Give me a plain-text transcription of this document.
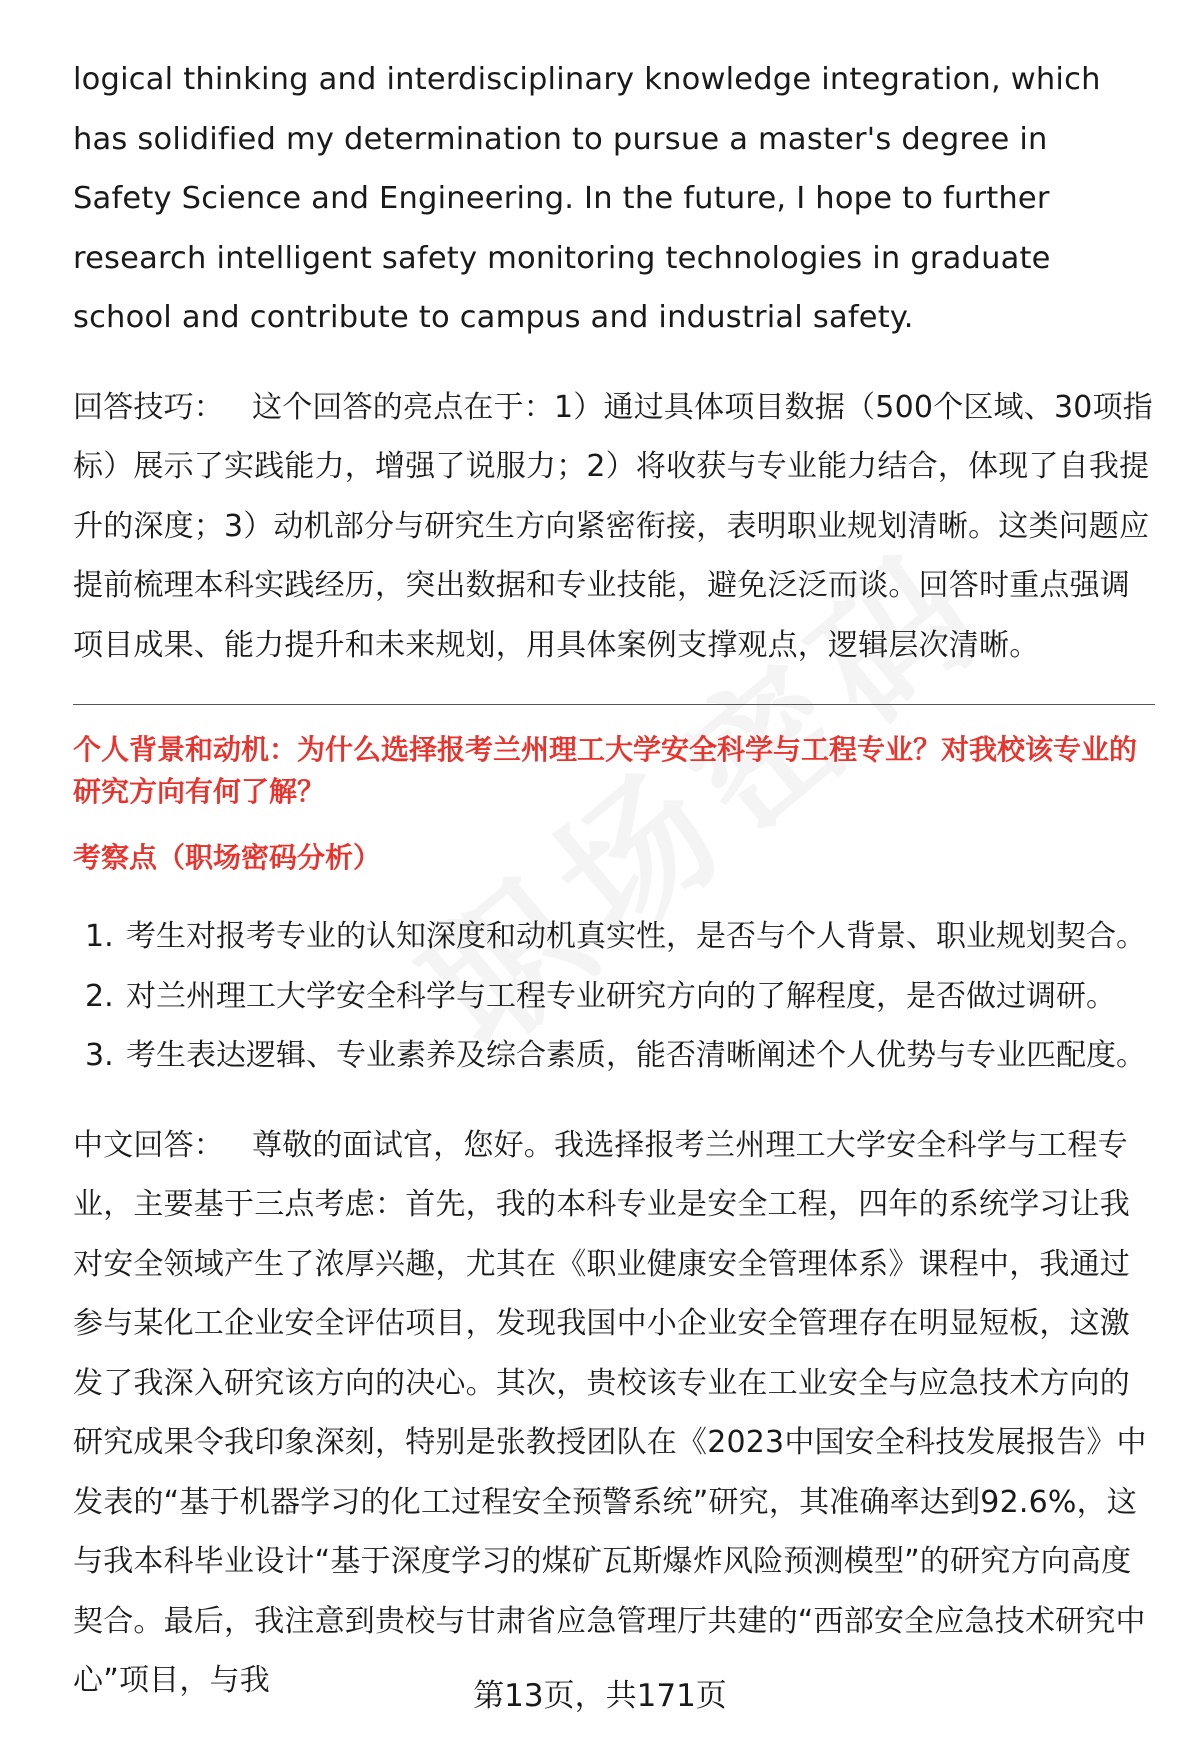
logical thinking and interdisciplinary knowledge integration, which has solidified my determination to pursue a master's degree in Safety Science and Engineering. In the future, I hope to further research intelligent safety monitoring technologies in graduate school and contribute to campus and industrial safety.

回答技巧： 这个回答的亮点在于：1）通过具体项目数据（500个区域、30项指标）展示了实践能力，增强了说服力；2）将收获与专业能力结合，体现了自我提升的深度；3）动机部分与研究生方向紧密衔接，表明职业规划清晰。这类问题应提前梳理本科实践经历，突出数据和专业技能，避免泛泛而谈。回答时重点强调项目成果、能力提升和未来规划，用具体案例支撑观点，逻辑层次清晰。

个人背景和动机：为什么选择报考兰州理工大学安全科学与工程专业？对我校该专业的研究方向有何了解？

考察点（职场密码分析）

1. 考生对报考专业的认知深度和动机真实性，是否与个人背景、职业规划契合。
2. 对兰州理工大学安全科学与工程专业研究方向的了解程度，是否做过调研。
3. 考生表达逻辑、专业素养及综合素质，能否清晰阐述个人优势与专业匹配度。

中文回答： 尊敬的面试官，您好。我选择报考兰州理工大学安全科学与工程专业，主要基于三点考虑：首先，我的本科专业是安全工程，四年的系统学习让我对安全领域产生了浓厚兴趣，尤其在《职业健康安全管理体系》课程中，我通过参与某化工企业安全评估项目，发现我国中小企业安全管理存在明显短板，这激发了我深入研究该方向的决心。其次，贵校该专业在工业安全与应急技术方向的研究成果令我印象深刻，特别是张教授团队在《2023中国安全科技发展报告》中发表的“基于机器学习的化工过程安全预警系统”研究，其准确率达到92.6%，这与我本科毕业设计“基于深度学习的煤矿瓦斯爆炸风险预测模型”的研究方向高度契合。最后，我注意到贵校与甘肃省应急管理厅共建的“西部安全应急技术研究中心”项目，与我	第13页，共171页
